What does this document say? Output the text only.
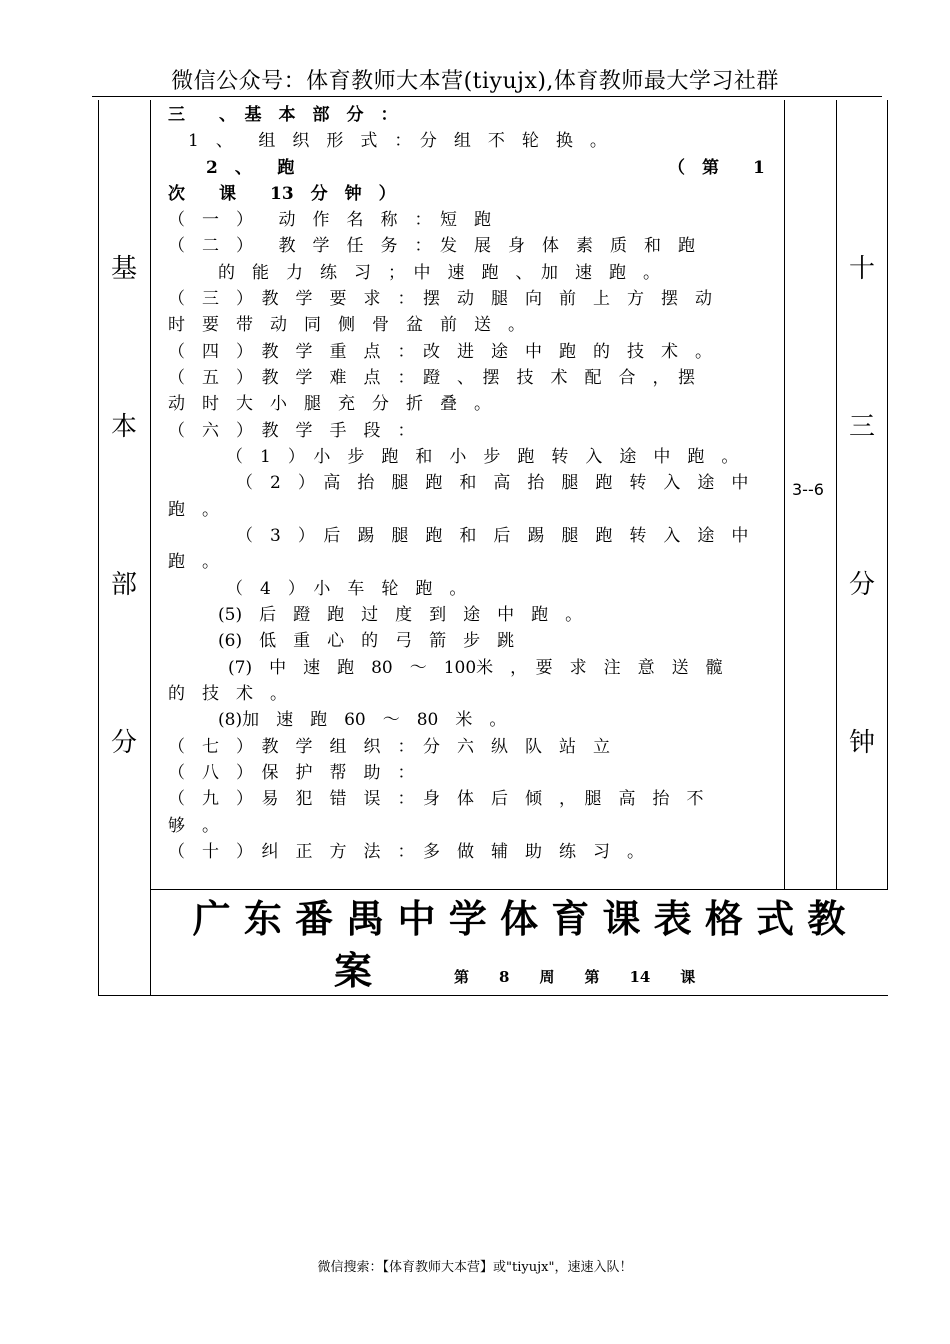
微信公众号：体育教师大本营(tiyujx),体育教师最大学习社群
基
本
部
分
3--6
十
三
分
钟
三　　、　基　本　部　分　：
1　、　　组　织　形　式　：　分　组　不　轮　换　。
2　、　　跑	（　第　　1
次　　课　　13　分　钟　）
（　一　）　　动　作　名　称　：　短　跑
（　二　）　　教　学　任　务　：　发　展　身　体　素　质　和　跑
的　能　力　练　习　；　中　速　跑　、　加　速　跑　。
（　三　）　教　学　要　求　：　摆　动　腿　向　前　上　方　摆　动
时　要　带　动　同　侧　骨　盆　前　送　。
（　四　）　教　学　重　点　：　改　进　途　中　跑　的　技　术　。
（　五　）　教　学　难　点　：　蹬　、　摆　技　术　配　合　，　摆
动　时　大　小　腿　充　分　折　叠　。
（　六　）　教　学　手　段　：
（　1　）　小　步　跑　和　小　步　跑　转　入　途　中　跑　。
（　2　）　高　抬　腿　跑　和　高　抬　腿　跑　转　入　途　中
跑　。
（　3　）　后　踢　腿　跑　和　后　踢　腿　跑　转　入　途　中
跑　。
（　4　）　小　车　轮　跑　。
(5)　后　蹬　跑　过　度　到　途　中　跑　。
(6)　低　重　心　的　弓　箭　步　跳
(7)　中　速　跑　80　～　100米　，　要　求　注　意　送　髋
的　技　术　。
(8)加　速　跑　60　～　80　米　。
（　七　）　教　学　组　织　：　分　六　纵　队　站　立
（　八　）　保　护　帮　助　：
（　九　）　易　犯　错　误　：　身　体　后　倾　，　腿　高　抬　不
够　。
（　十　）　纠　正　方　法　：　多　做　辅　助　练　习　。
广 东 番 禺 中 学 体 育 课 表 格 式 教
案	第　　8　　周　　第　　14　　课
微信搜索：【体育教师大本营】或"tiyujx"，速速入队！
